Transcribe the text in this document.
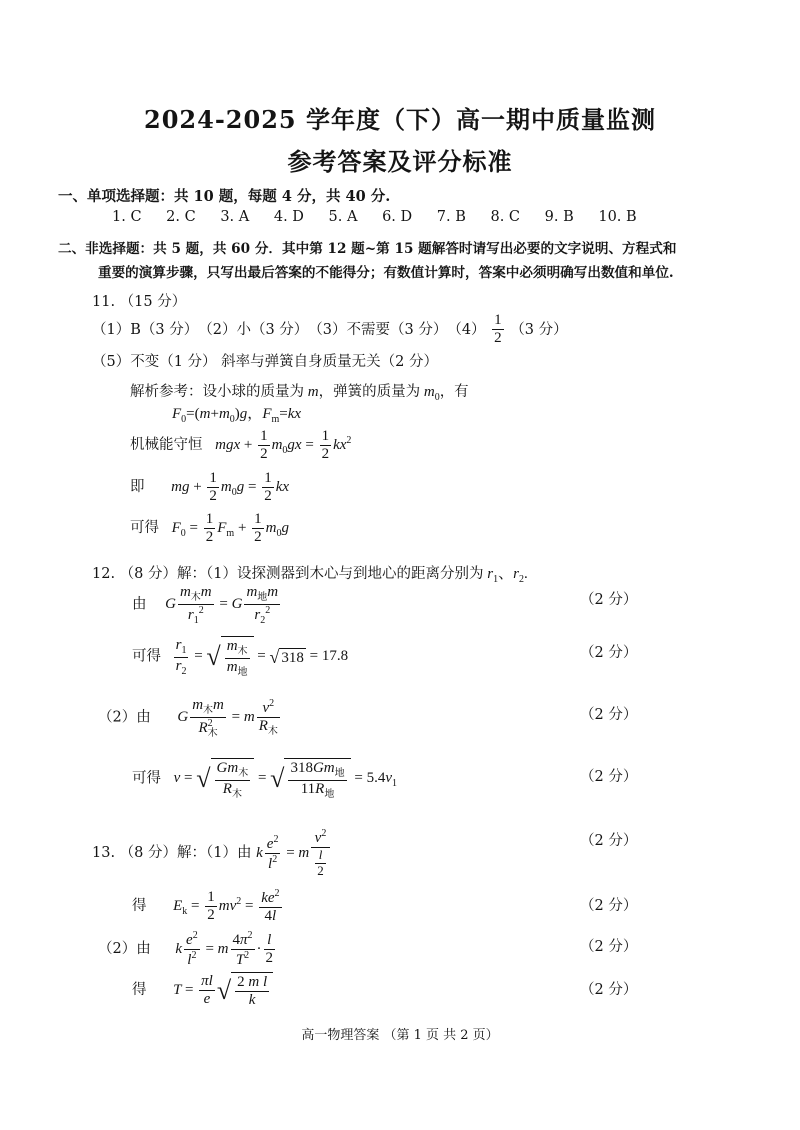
2024-2025 学年度（下）高一期中质量监测
参考答案及评分标准
一、单项选择题：共 10 题，每题 4 分，共 40 分.
1. C 2. C 3. A 4. D 5. A 6. D 7. B 8. C 9. B 10. B
二、非选择题：共 5 题，共 60 分．其中第 12 题~第 15 题解答时请写出必要的文字说明、方程式和
重要的演算步骤，只写出最后答案的不能得分；有数值计算时，答案中必须明确写出数值和单位.
11. （15 分）
（1）B（3 分）　（2）小（3 分）　（3）不需要（3 分）　$(4) \frac{1}{2} (3$ 分）
（5）不变（1 分） 斜率与弹簧自身质量无关（2 分）
解析参考：设小球的质量为 m，弹簧的质量为 $m_0$，有
$F_0=(m+m_0)g$，$F_m=kx$
机械能守恒 mgx + $\frac{1}{2} m_0gx = \frac{1}{2} kx^2$
即 mg + $\frac{1}{2} m_0g = \frac{1}{2}$ kx
可得 $F_0 = \frac{1}{2} F_m + \frac{1}{2} m_0g$
12. （8 分）解：（1）设探测器到木心与到地心的距离分别为 $r_1$、$r_2$.
由 G $\frac{m_木m}{r_1^2} = G \frac{m_地m}{r_2^2}$	（2 分）
可得 $\frac{r_1}{r_2}$ = √ $\frac{m_木}{m_地}$ = √ 318 = 17.8	（2 分）
（2）由 G $\frac{m_木m}{R^2_木} = m \frac{v^2}{R_木}$	（2 分）
可得 v = √ $\frac{Gm_木}{R_木}$ = √ $\frac{318Gm_地}{11R_地} = 5.4v_1$	（2 分）
13. （8 分）解：（1）由 k $\frac{e^2}{l^2} = m \frac{v^2}{\frac{l}{2}}$	（2 分）
得 $E_k = \frac{1}{2} mv^2 = \frac{ke^2}{4l}$	（2 分）
（2）由 k $\frac{e^2}{l^2} = m \frac{4\pi^2}{T^2} \cdot \frac{l}{2}$	（2 分）
得 $T = \frac{\pi l}{e}$ √ $\frac{\text{2 m l}}{k}$	（2 分）
高一物理答案 （第 1 页 共 2 页）
